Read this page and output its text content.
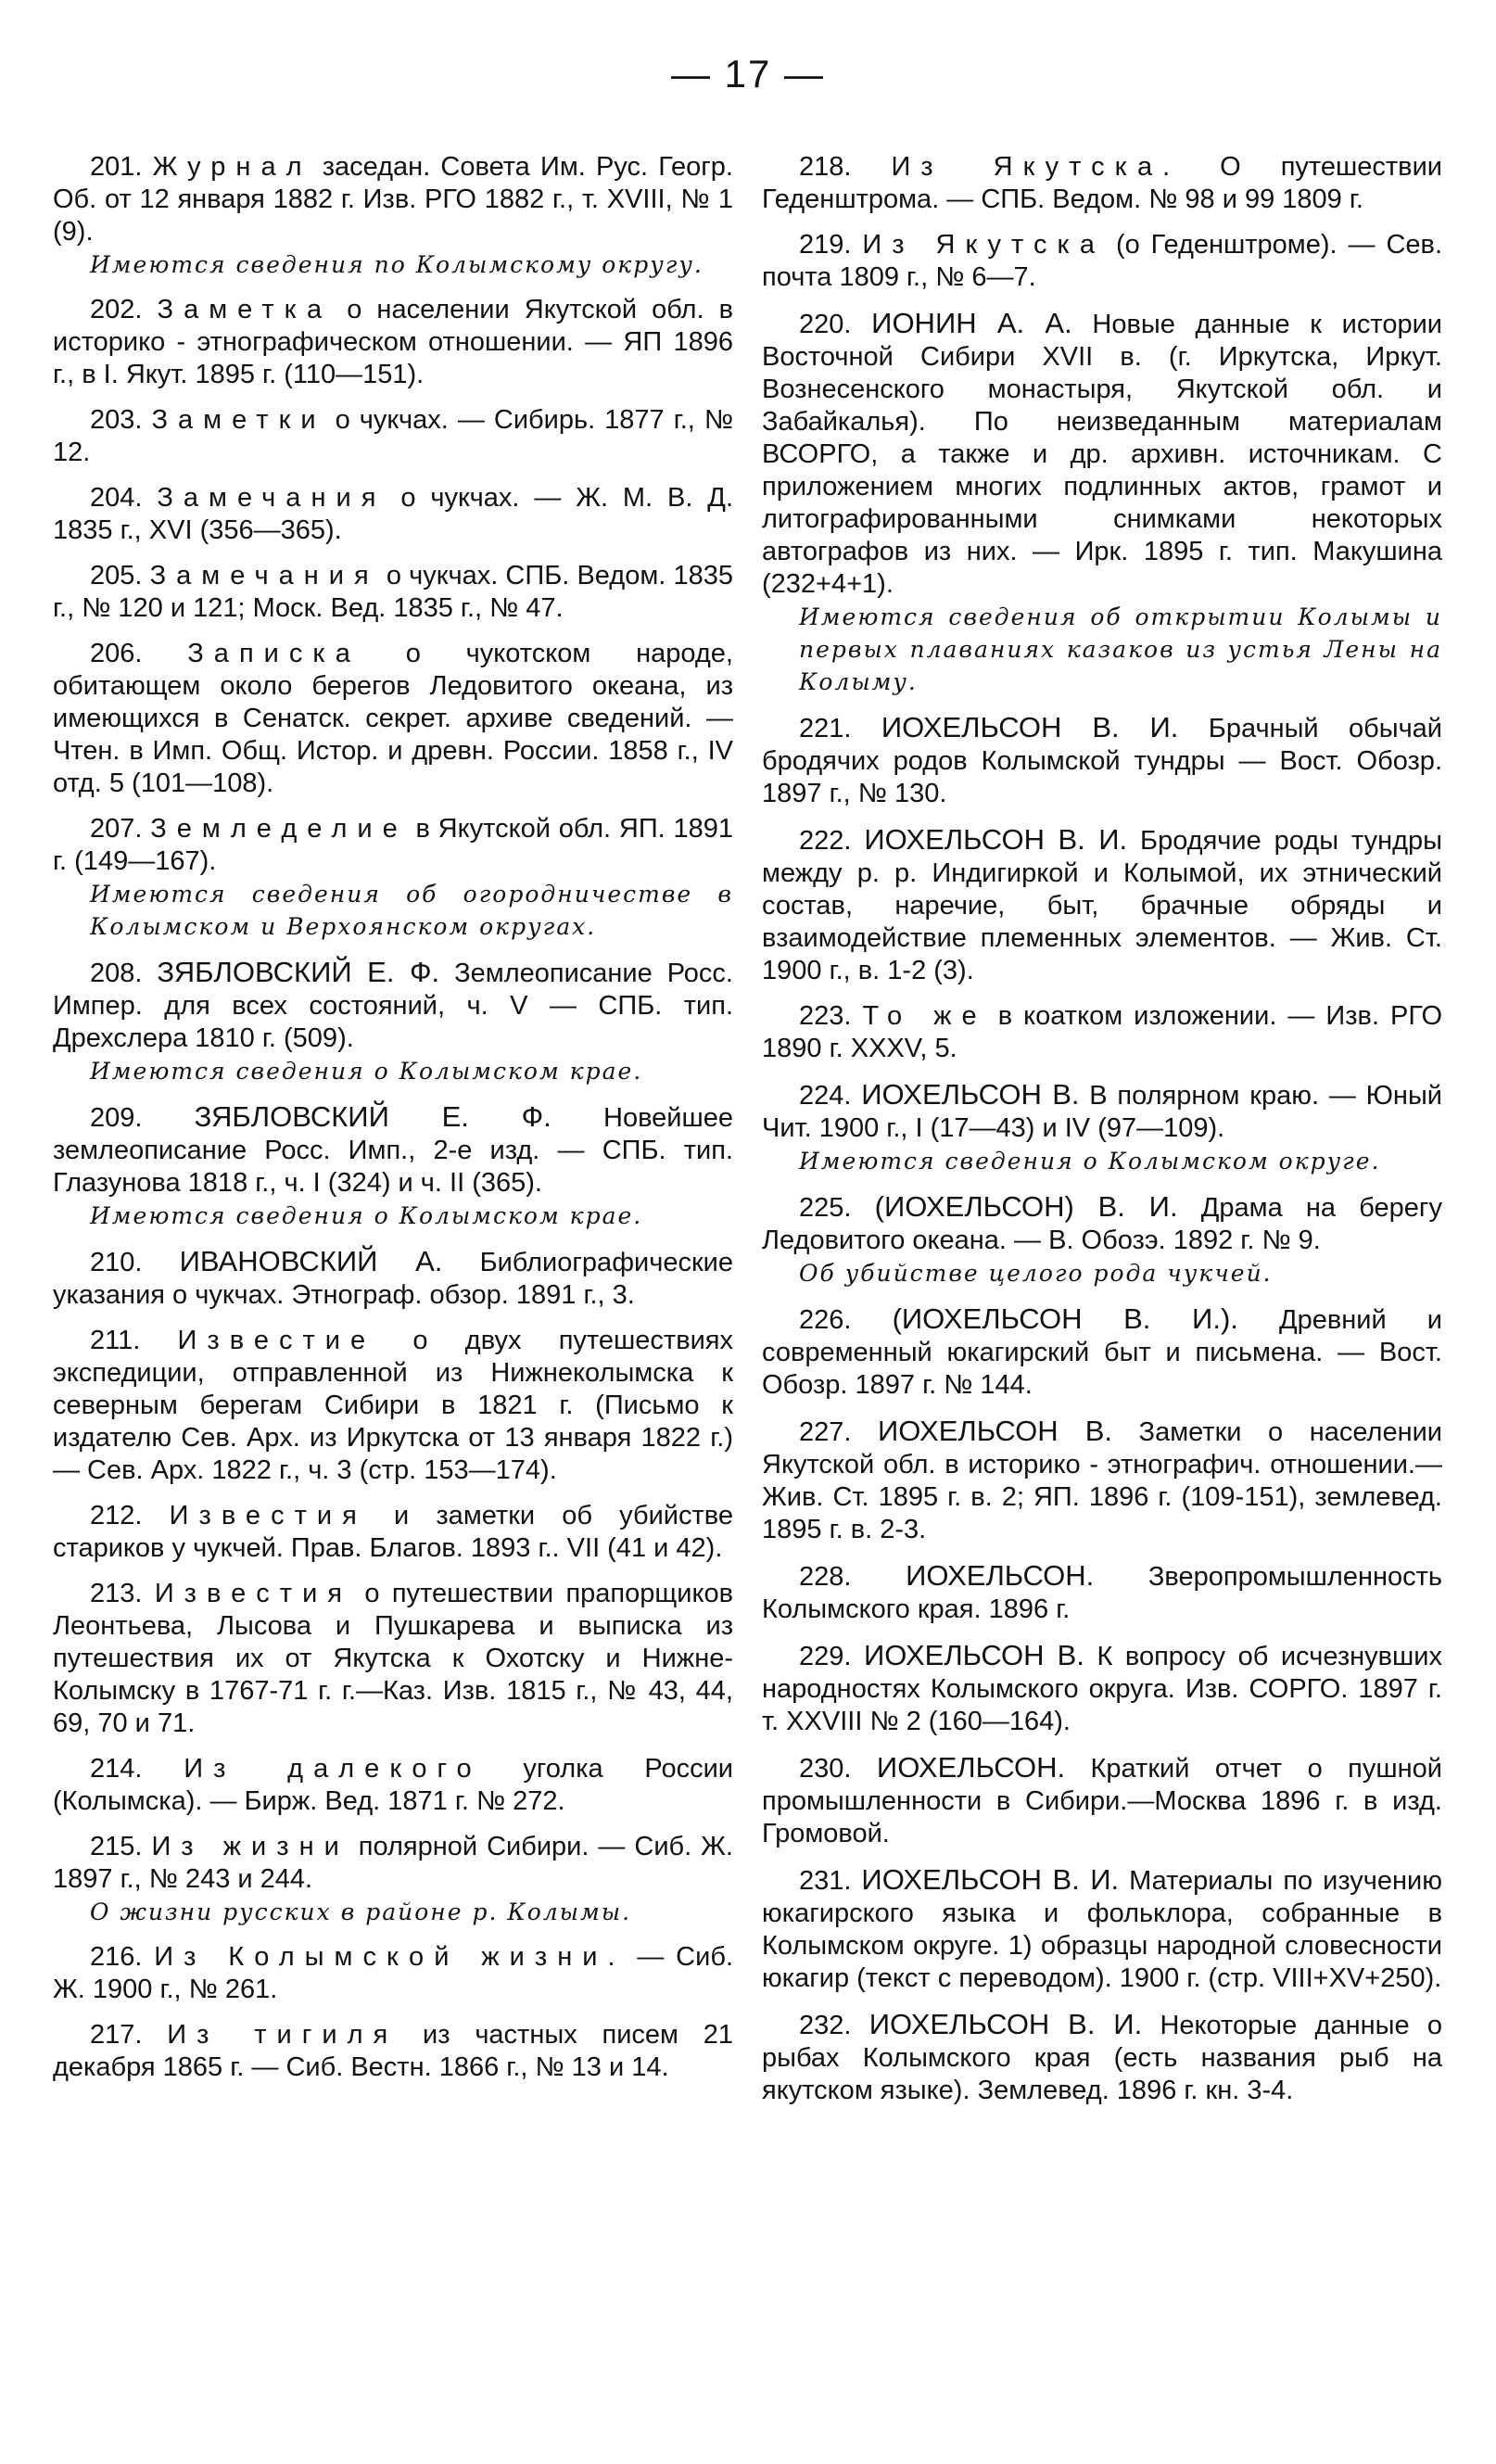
— 17 —

201. Журнал заседан. Совета Им. Рус. Геогр. Об. от 12 января 1882 г. Изв. РГО 1882 г., т. XVIII, № 1 (9).

Имеются сведения по Колымскому округу.

202. Заметка о населении Якутской обл. в историко - этнографическом отношении. — ЯП 1896 г., в I. Якут. 1895 г. (110—151).

203. Заметки о чукчах. — Сибирь. 1877 г., № 12.

204. Замечания о чукчах. — Ж. М. В. Д. 1835 г., XVI (356—365).

205. Замечания о чукчах. СПБ. Ведом. 1835 г., № 120 и 121; Моск. Вед. 1835 г., № 47.

206. Записка о чукотском народе, обитающем около берегов Ледовитого океана, из имеющихся в Сенатск. секрет. архиве сведений. — Чтен. в Имп. Общ. Истор. и древн. России. 1858 г., IV отд. 5 (101—108).

207. Земледелие в Якутской обл. ЯП. 1891 г. (149—167).

Имеются сведения об огородничестве в Колымском и Верхоянском округах.

208. ЗЯБЛОВСКИЙ Е. Ф. Землеописание Росс. Импер. для всех состояний, ч. V — СПБ. тип. Дрехслера 1810 г. (509).

Имеются сведения о Колымском крае.

209. ЗЯБЛОВСКИЙ Е. Ф. Новейшее землеописание Росс. Имп., 2-е изд. — СПБ. тип. Глазунова 1818 г., ч. I (324) и ч. II (365).

Имеются сведения о Колымском крае.

210. ИВАНОВСКИЙ А. Библиографические указания о чукчах. Этнограф. обзор. 1891 г., 3.

211. Известие о двух путешествиях экспедиции, отправленной из Нижнеколымска к северным берегам Сибири в 1821 г. (Письмо к издателю Сев. Арх. из Иркутска от 13 января 1822 г.) — Сев. Арх. 1822 г., ч. 3 (стр. 153—174).

212. Известия и заметки об убийстве стариков у чукчей. Прав. Благов. 1893 г.. VII (41 и 42).

213. Известия о путешествии прапорщиков Леонтьева, Лысова и Пушкарева и выписка из путешествия их от Якутска к Охотску и Нижне-Колымску в 1767-71 г. г.—Каз. Изв. 1815 г., № 43, 44, 69, 70 и 71.

214. Из далекого уголка России (Колымска). — Бирж. Вед. 1871 г. № 272.

215. Из жизни полярной Сибири. — Сиб. Ж. 1897 г., № 243 и 244.

О жизни русских в районе р. Колымы.

216. Из Колымской жизни. — Сиб. Ж. 1900 г., № 261.

217. Из тигиля из частных писем 21 декабря 1865 г. — Сиб. Вестн. 1866 г., № 13 и 14.

218. Из Якутска. О путешествии Геденштрома. — СПБ. Ведом. № 98 и 99 1809 г.

219. Из Якутска (о Геденштроме). — Сев. почта 1809 г., № 6—7.

220. ИОНИН А. А. Новые данные к истории Восточной Сибири XVII в. (г. Иркутска, Иркут. Вознесенского монастыря, Якутской обл. и Забайкалья). По неизведанным материалам ВСОРГО, а также и др. архивн. источникам. С приложением многих подлинных актов, грамот и литографированными снимками некоторых автографов из них. — Ирк. 1895 г. тип. Макушина (232+4+1).

Имеются сведения об открытии Колымы и первых плаваниях казаков из устья Лены на Колыму.

221. ИОХЕЛЬСОН В. И. Брачный обычай бродячих родов Колымской тундры — Вост. Обозр. 1897 г., № 130.

222. ИОХЕЛЬСОН В. И. Бродячие роды тундры между р. р. Индигиркой и Колымой, их этнический состав, наречие, быт, брачные обряды и взаимодействие племенных элементов. — Жив. Ст. 1900 г., в. 1-2 (3).

223. То же в коатком изложении. — Изв. РГО 1890 г. XXXV, 5.

224. ИОХЕЛЬСОН В. В полярном краю. — Юный Чит. 1900 г., I (17—43) и IV (97—109).

Имеются сведения о Колымском округе.

225. (ИОХЕЛЬСОН) В. И. Драма на берегу Ледовитого океана. — В. Обозэ. 1892 г. № 9.

Об убийстве целого рода чукчей.

226. (ИОХЕЛЬСОН В. И.). Древний и современный юкагирский быт и письмена. — Вост. Обозр. 1897 г. № 144.

227. ИОХЕЛЬСОН В. Заметки о населении Якутской обл. в историко - этнографич. отношении.—Жив. Ст. 1895 г. в. 2; ЯП. 1896 г. (109-151), землевед. 1895 г. в. 2-3.

228. ИОХЕЛЬСОН. Зверопромышленность Колымского края. 1896 г.

229. ИОХЕЛЬСОН В. К вопросу об исчезнувших народностях Колымского округа. Изв. СОРГО. 1897 г. т. XXVIII № 2 (160—164).

230. ИОХЕЛЬСОН. Краткий отчет о пушной промышленности в Сибири.—Москва 1896 г. в изд. Громовой.

231. ИОХЕЛЬСОН В. И. Материалы по изучению юкагирского языка и фольклора, собранные в Колымском округе. 1) образцы народной словесности юкагир (текст с переводом). 1900 г. (стр. VIII+XV+250).

232. ИОХЕЛЬСОН В. И. Некоторые данные о рыбах Колымского края (есть названия рыб на якутском языке). Землевед. 1896 г. кн. 3-4.
